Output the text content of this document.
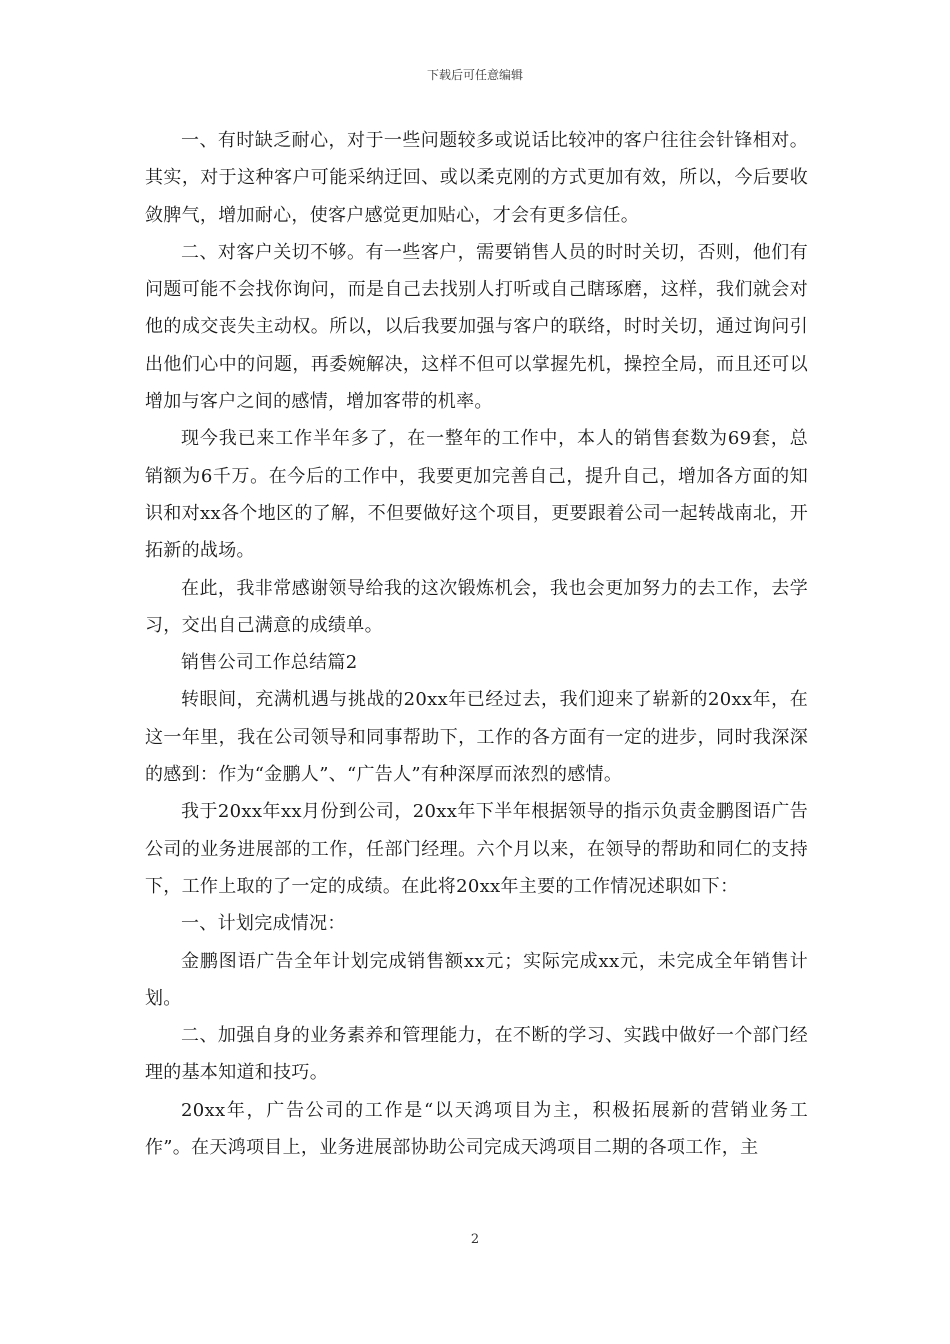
下载后可任意编辑

一、有时缺乏耐心，对于一些问题较多或说话比较冲的客户往往会针锋相对。其实，对于这种客户可能采纳迂回、或以柔克刚的方式更加有效，所以，今后要收敛脾气，增加耐心，使客户感觉更加贴心，才会有更多信任。

二、对客户关切不够。有一些客户，需要销售人员的时时关切，否则，他们有问题可能不会找你询问，而是自己去找别人打听或自己瞎琢磨，这样，我们就会对他的成交丧失主动权。所以，以后我要加强与客户的联络，时时关切，通过询问引出他们心中的问题，再委婉解决，这样不但可以掌握先机，操控全局，而且还可以增加与客户之间的感情，增加客带的机率。

现今我已来工作半年多了，在一整年的工作中，本人的销售套数为69套，总销额为6千万。在今后的工作中，我要更加完善自己，提升自己，增加各方面的知识和对xx各个地区的了解，不但要做好这个项目，更要跟着公司一起转战南北，开拓新的战场。

在此，我非常感谢领导给我的这次锻炼机会，我也会更加努力的去工作，去学习，交出自己满意的成绩单。

销售公司工作总结篇2

转眼间，充满机遇与挑战的20xx年已经过去，我们迎来了崭新的20xx年，在这一年里，我在公司领导和同事帮助下，工作的各方面有一定的进步，同时我深深的感到：作为“金鹏人”、“广告人”有种深厚而浓烈的感情。

我于20xx年xx月份到公司，20xx年下半年根据领导的指示负责金鹏图语广告公司的业务进展部的工作，任部门经理。六个月以来，在领导的帮助和同仁的支持下，工作上取的了一定的成绩。在此将20xx年主要的工作情况述职如下：

一、计划完成情况：

金鹏图语广告全年计划完成销售额xx元；实际完成xx元，未完成全年销售计划。

二、加强自身的业务素养和管理能力，在不断的学习、实践中做好一个部门经理的基本知道和技巧。

20xx年，广告公司的工作是“以天鸿项目为主，积极拓展新的营销业务工作”。在天鸿项目上，业务进展部协助公司完成天鸿项目二期的各项工作，主

2
